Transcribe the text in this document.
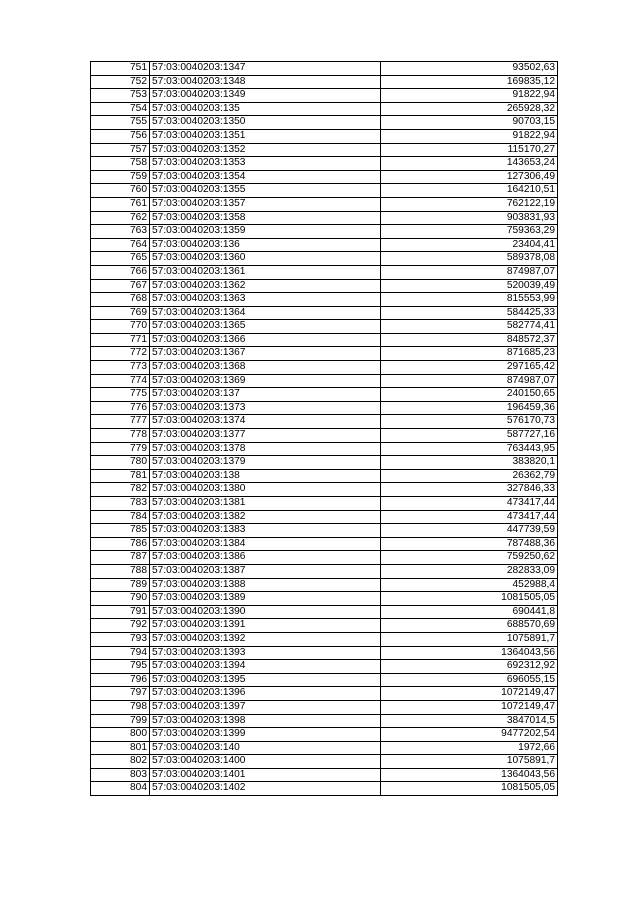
751	57:03:0040203:1347	93502,63
752	57:03:0040203:1348	169835,12
753	57:03:0040203:1349	91822,94
754	57:03:0040203:135	265928,32
755	57:03:0040203:1350	90703,15
756	57:03:0040203:1351	91822,94
757	57:03:0040203:1352	115170,27
758	57:03:0040203:1353	143653,24
759	57:03:0040203:1354	127306,49
760	57:03:0040203:1355	164210,51
761	57:03:0040203:1357	762122,19
762	57:03:0040203:1358	903831,93
763	57:03:0040203:1359	759363,29
764	57:03:0040203:136	23404,41
765	57:03:0040203:1360	589378,08
766	57:03:0040203:1361	874987,07
767	57:03:0040203:1362	520039,49
768	57:03:0040203:1363	815553,99
769	57:03:0040203:1364	584425,33
770	57:03:0040203:1365	582774,41
771	57:03:0040203:1366	848572,37
772	57:03:0040203:1367	871685,23
773	57:03:0040203:1368	297165,42
774	57:03:0040203:1369	874987,07
775	57:03:0040203:137	240150,65
776	57:03:0040203:1373	196459,36
777	57:03:0040203:1374	576170,73
778	57:03:0040203:1377	587727,16
779	57:03:0040203:1378	763443,95
780	57:03:0040203:1379	383820,1
781	57:03:0040203:138	26362,79
782	57:03:0040203:1380	327846,33
783	57:03:0040203:1381	473417,44
784	57:03:0040203:1382	473417,44
785	57:03:0040203:1383	447739,59
786	57:03:0040203:1384	787488,36
787	57:03:0040203:1386	759250,62
788	57:03:0040203:1387	282833,09
789	57:03:0040203:1388	452988,4
790	57:03:0040203:1389	1081505,05
791	57:03:0040203:1390	690441,8
792	57:03:0040203:1391	688570,69
793	57:03:0040203:1392	1075891,7
794	57:03:0040203:1393	1364043,56
795	57:03:0040203:1394	692312,92
796	57:03:0040203:1395	696055,15
797	57:03:0040203:1396	1072149,47
798	57:03:0040203:1397	1072149,47
799	57:03:0040203:1398	3847014,5
800	57:03:0040203:1399	9477202,54
801	57:03:0040203:140	1972,66
802	57:03:0040203:1400	1075891,7
803	57:03:0040203:1401	1364043,56
804	57:03:0040203:1402	1081505,05
